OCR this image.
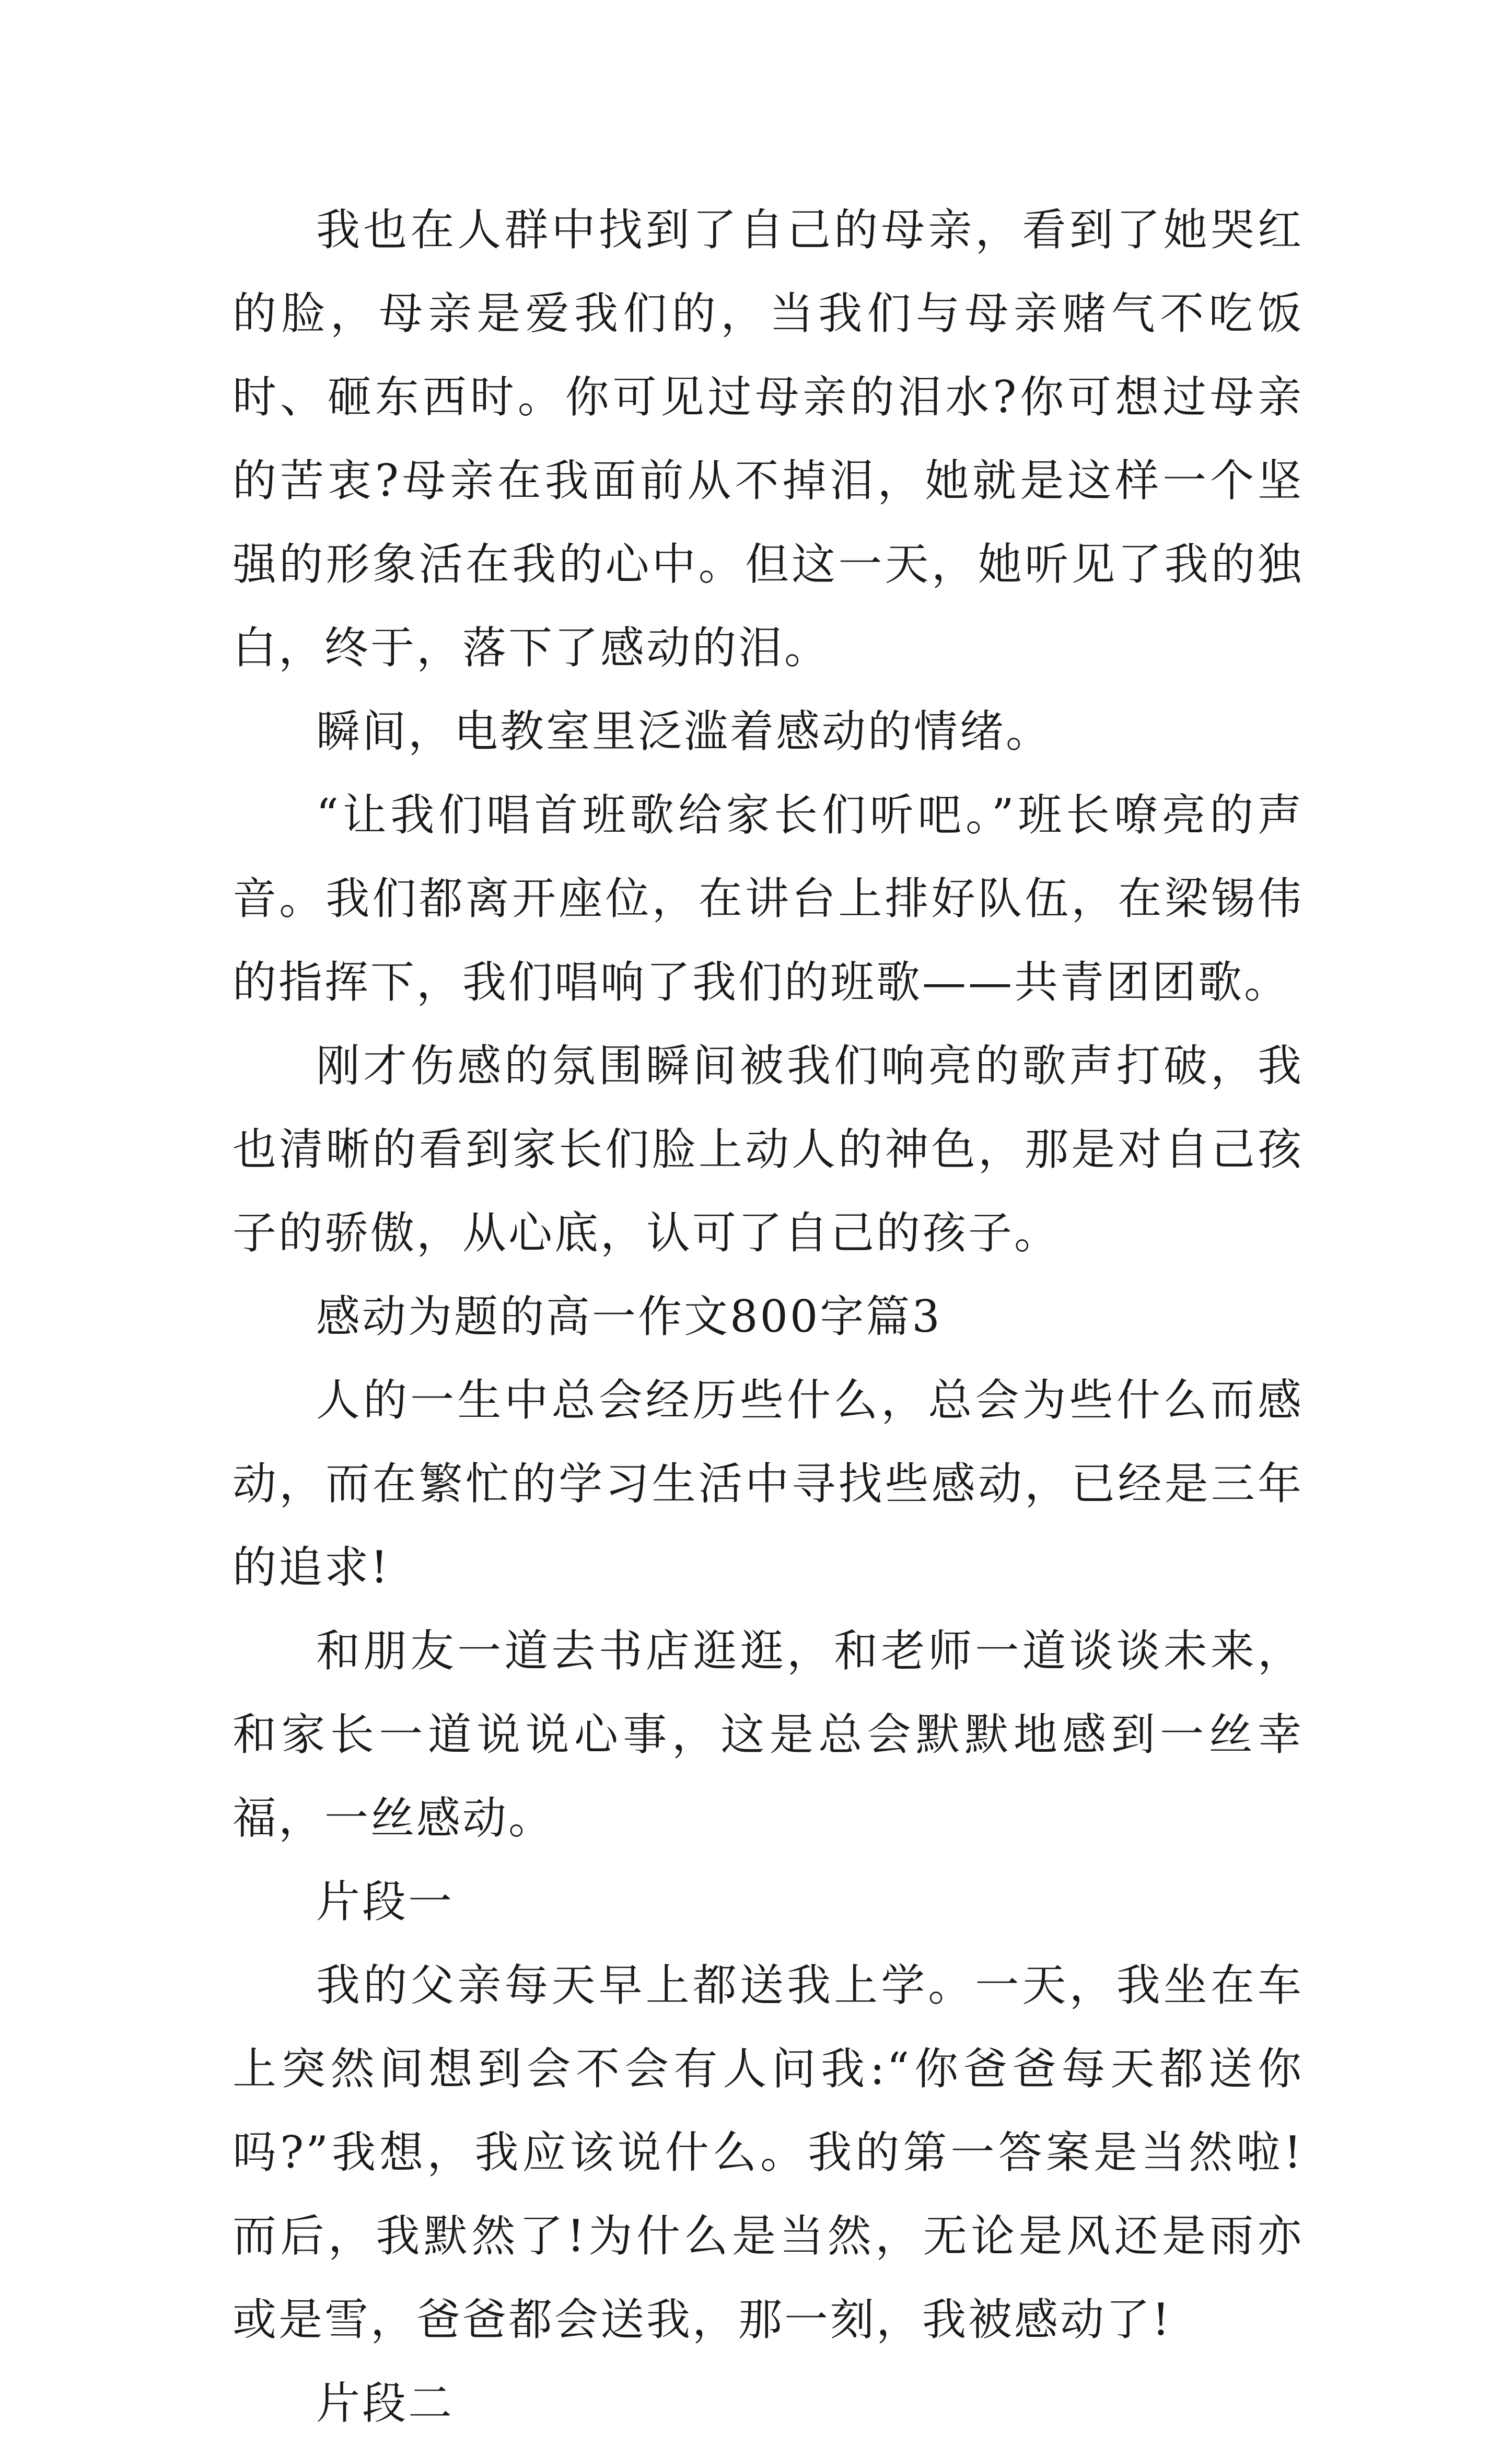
我也在人群中找到了自己的母亲，看到了她哭红的脸，母亲是爱我们的，当我们与母亲赌气不吃饭时、砸东西时。你可见过母亲的泪水?你可想过母亲的苦衷?母亲在我面前从不掉泪，她就是这样一个坚强的形象活在我的心中。但这一天，她听见了我的独白，终于，落下了感动的泪。

瞬间，电教室里泛滥着感动的情绪。

“让我们唱首班歌给家长们听吧。”班长嘹亮的声音。我们都离开座位，在讲台上排好队伍，在梁锡伟的指挥下，我们唱响了我们的班歌——共青团团歌。

刚才伤感的氛围瞬间被我们响亮的歌声打破，我也清晰的看到家长们脸上动人的神色，那是对自己孩子的骄傲，从心底，认可了自己的孩子。

感动为题的高一作文800字篇3

人的一生中总会经历些什么，总会为些什么而感动，而在繁忙的学习生活中寻找些感动，已经是三年的追求!

和朋友一道去书店逛逛，和老师一道谈谈未来，和家长一道说说心事，这是总会默默地感到一丝幸福，一丝感动。

片段一

我的父亲每天早上都送我上学。一天，我坐在车上突然间想到会不会有人问我:“你爸爸每天都送你吗?”我想，我应该说什么。我的第一答案是当然啦!而后，我默然了!为什么是当然，无论是风还是雨亦或是雪，爸爸都会送我，那一刻，我被感动了!

片段二
